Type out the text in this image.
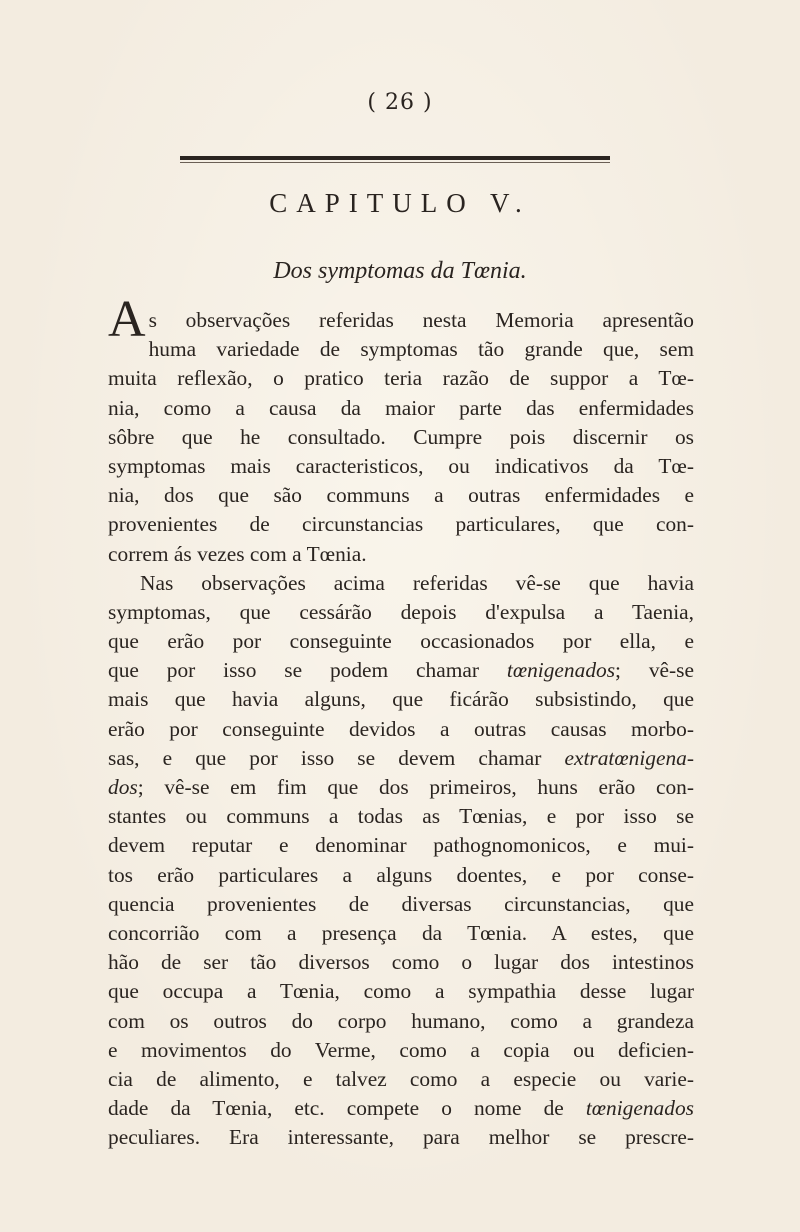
( 26 )
CAPITULO V.
Dos symptomas da Tœnia.
A s observações referidas nesta Memoria apresentão
huma variedade de symptomas tão grande que, sem
muita reflexão, o pratico teria razão de suppor a Tœ-
nia, como a causa da maior parte das enfermidades
sôbre que he consultado. Cumpre pois discernir os
symptomas mais caracteristicos, ou indicativos da Tœ-
nia, dos que são communs a outras enfermidades e
provenientes de circunstancias particulares, que con-
correm ás vezes com a Tœnia.
Nas observações acima referidas vê-se que havia
symptomas, que cessárão depois d'expulsa a Taenia,
que erão por conseguinte occasionados por ella, e
que por isso se podem chamar tœnigenados; vê-se
mais que havia alguns, que ficárão subsistindo, que
erão por conseguinte devidos a outras causas morbo-
sas, e que por isso se devem chamar extratœnigena-
dos; vê-se em fim que dos primeiros, huns erão con-
stantes ou communs a todas as Tœnias, e por isso se
devem reputar e denominar pathognomonicos, e mui-
tos erão particulares a alguns doentes, e por conse-
quencia provenientes de diversas circunstancias, que
concorrião com a presença da Tœnia. A estes, que
hão de ser tão diversos como o lugar dos intestinos
que occupa a Tœnia, como a sympathia desse lugar
com os outros do corpo humano, como a grandeza
e movimentos do Verme, como a copia ou deficien-
cia de alimento, e talvez como a especie ou varie-
dade da Tœnia, etc. compete o nome de tœnigenados
peculiares. Era interessante, para melhor se prescre-
